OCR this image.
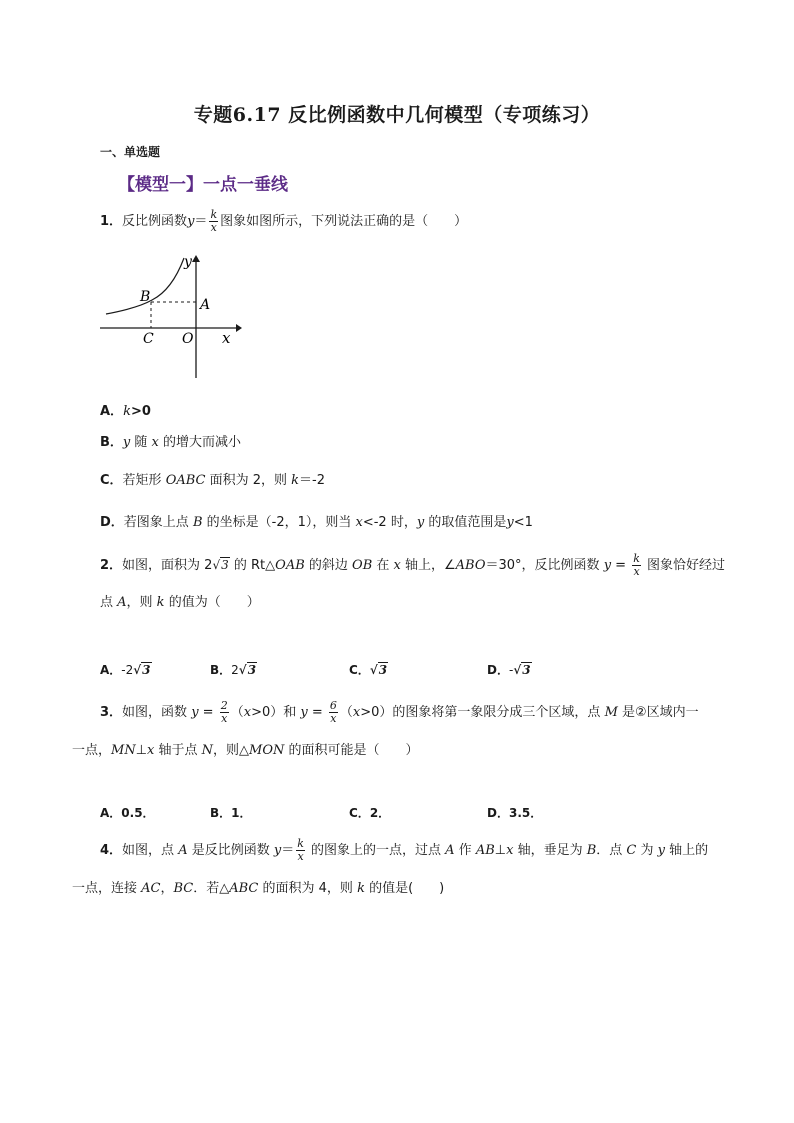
专题6.17 反比例函数中几何模型（专项练习）
一、单选题
【模型一】一点一垂线
1．反比例函数$y= \frac{k}{x}$ 图象如图所示，下列说法正确的是（　　）
y
x
B	A
C O
A．k>0
B．y 随 x 的增大而减小
C．若矩形 OABC 面积为 2，则 k＝-2
D．若图象上点 B 的坐标是（-2，1），则当 x<-2 时，y 的取值范围是y<1
2．如图，面积为 2√3 的 Rt△OAB 的斜边 OB 在 x 轴上，∠ABO＝30°，反比例函数 $y = \frac{k}{x}$ 图象恰好经过
点 A，则 k 的值为（　　）
A．-2√3	B．2√3	C．√3	D．-√3
3．如图，函数 $y = \frac{2}{x} (x>0)$和 $y = \frac{6}{x} (x>0)$的图象将第一象限分成三个区域，点 M 是②区域内一
一点，MN⊥x 轴于点 N，则△MON 的面积可能是（　　）
A．0.5．	B．1．	C．2．	D．3.5．
4．如图，点 A 是反比例函数 $y= \frac{k}{x}$ 的图象上的一点，过点 A 作 AB⊥x 轴，垂足为 B．点 C 为 y 轴上的
一点，连接 AC，BC．若△ABC 的面积为 4，则 k 的值是(　　)
